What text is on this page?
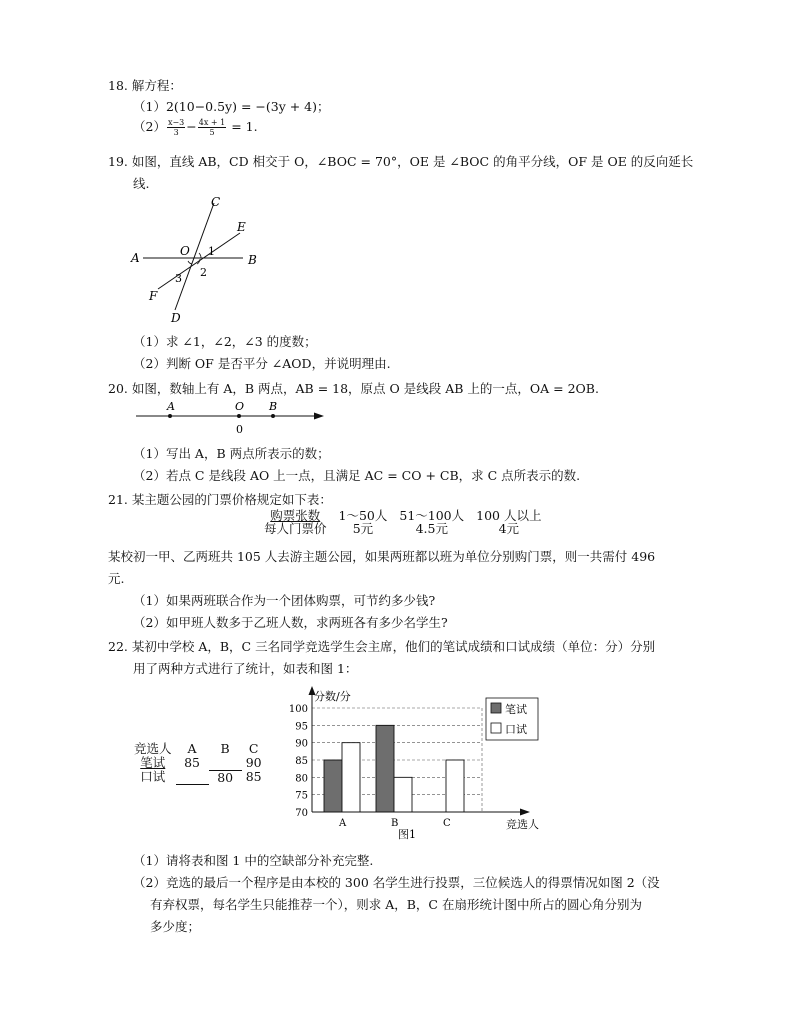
18. 解方程：
（1）2(10−0.5y) = −(3y + 4)；
$(2) \frac{x-3}{3} - \frac{4x + 1}{5} = 1$.
19. 如图，直线 AB，CD 相交于 O，∠BOC = 70°，OE 是 ∠BOC 的角平分线，OF 是 OE 的反向延长
线.
A	B
C
D
E
F
O 1
2
3
（1）求 ∠1，∠2，∠3 的度数；
（2）判断 OF 是否平分 ∠AOD，并说明理由.
20. 如图，数轴上有 A，B 两点，AB = 18，原点 O 是线段 AB 上的一点，OA = 2OB.
A	O B
0
（1）写出 A，B 两点所表示的数；
（2）若点 C 是线段 AO 上一点，且满足 AC = CO + CB，求 C 点所表示的数.
21. 某主题公园的门票价格规定如下表：
购票张数	1～50人	51～100人	100 人以上
每人门票价	5元	4.5元	4元
某校初一甲、乙两班共 105 人去游主题公园，如果两班都以班为单位分别购门票，则一共需付 496
元.
（1）如果两班联合作为一个团体购票，可节约多少钱?
（2）如甲班人数多于乙班人数，求两班各有多少名学生?
22. 某初中学校 A，B，C 三名同学竞选学生会主席，他们的笔试成绩和口试成绩（单位：分）分别
用了两种方式进行了统计，如表和图 1：
竞选人	A	B	C
笔试	85		90
口试		80	85
70
75
80
85
90
95
100
A	B	C
分数/分
竞选人
图1
笔试
口试
（1）请将表和图 1 中的空缺部分补充完整.
（2）竞选的最后一个程序是由本校的 300 名学生进行投票，三位候选人的得票情况如图 2（没
有弃权票，每名学生只能推荐一个），则求 A，B，C 在扇形统计图中所占的圆心角分别为
多少度；
